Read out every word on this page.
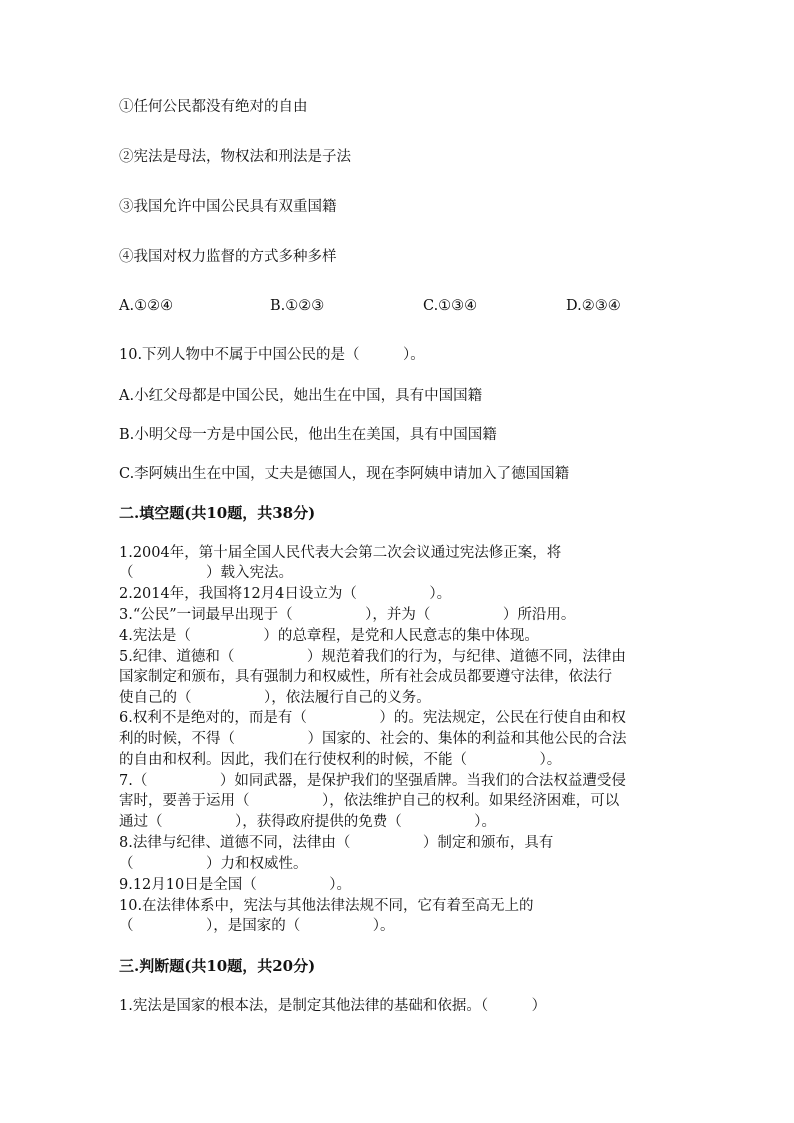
①任何公民都没有绝对的自由
②宪法是母法，物权法和刑法是子法
③我国允许中国公民具有双重国籍
④我国对权力监督的方式多种多样
A.①②④	B.①②③	C.①③④	D.②③④
10.下列人物中不属于中国公民的是（　　　）。
A.小红父母都是中国公民，她出生在中国，具有中国国籍
B.小明父母一方是中国公民，他出生在美国，具有中国国籍
C.李阿姨出生在中国，丈夫是德国人，现在李阿姨申请加入了德国国籍
二.填空题(共10题，共38分)
1.2004年，第十届全国人民代表大会第二次会议通过宪法修正案，将
（　　　　　）载入宪法。
2.2014年，我国将12月4日设立为（　　　　　）。
3.“公民”一词最早出现于（　　　　　），并为（　　　　　）所沿用。
4.宪法是（　　　　　）的总章程，是党和人民意志的集中体现。
5.纪律、道德和（　　　　　）规范着我们的行为，与纪律、道德不同，法律由
国家制定和颁布，具有强制力和权威性，所有社会成员都要遵守法律，依法行
使自己的（　　　　　），依法履行自己的义务。
6.权利不是绝对的，而是有（　　　　　）的。宪法规定，公民在行使自由和权
利的时候，不得（　　　　　）国家的、社会的、集体的利益和其他公民的合法
的自由和权利。因此，我们在行使权利的时候，不能（　　　　　）。
7.（　　　　　）如同武器，是保护我们的坚强盾牌。当我们的合法权益遭受侵
害时，要善于运用（　　　　　），依法维护自己的权利。如果经济困难，可以
通过（　　　　　），获得政府提供的免费（　　　　　）。
8.法律与纪律、道德不同，法律由（　　　　　）制定和颁布，具有
（　　　　　）力和权威性。
9.12月10日是全国（　　　　　）。
10.在法律体系中，宪法与其他法律法规不同，它有着至高无上的
（　　　　　），是国家的（　　　　　）。
三.判断题(共10题，共20分)
1.宪法是国家的根本法，是制定其他法律的基础和依据。（　　　）
